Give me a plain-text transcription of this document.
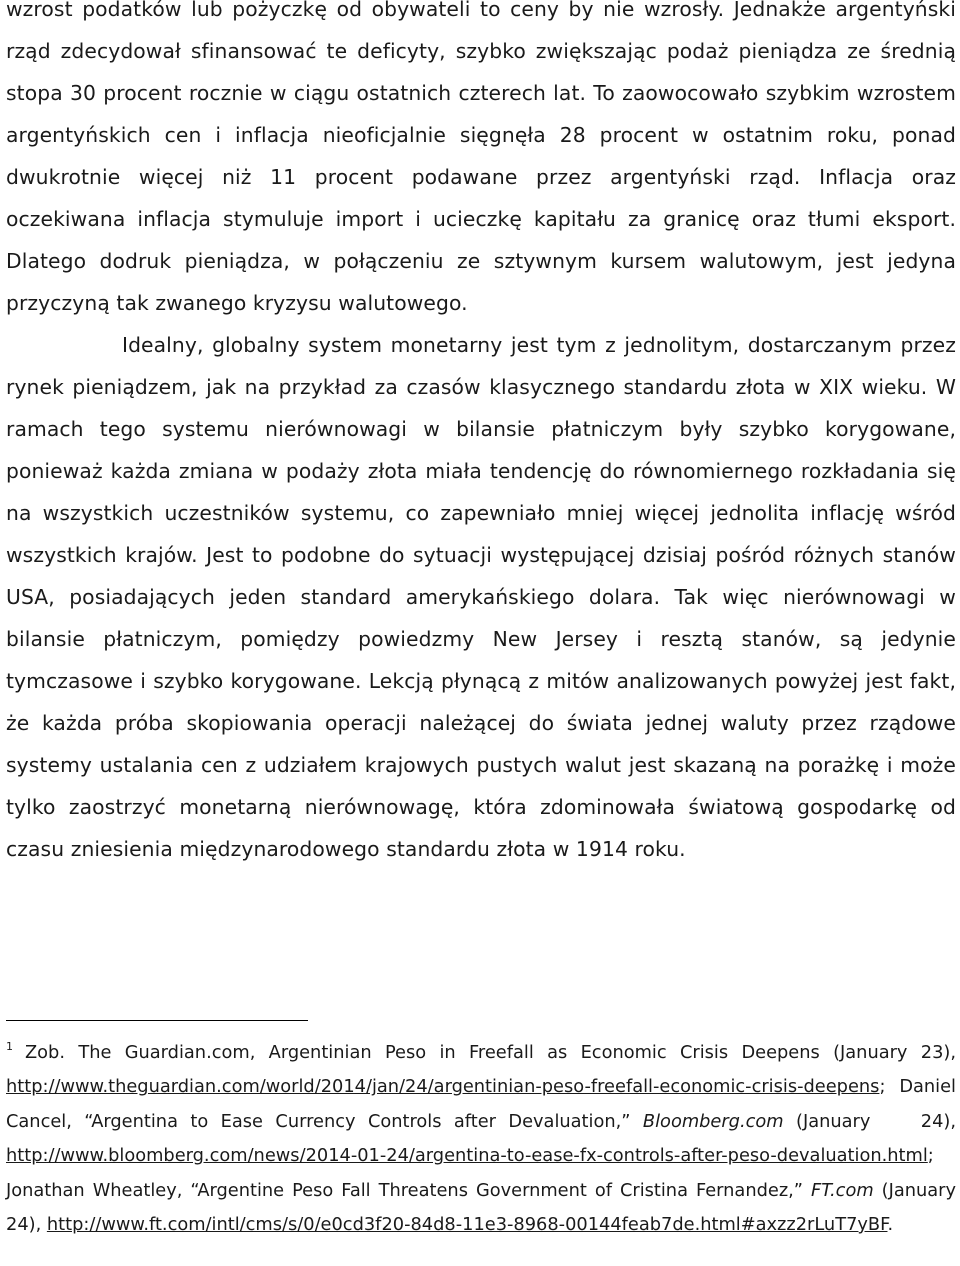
wzrost podatków lub pożyczkę od obywateli to ceny by nie wzrosły. Jednakże argentyński rząd zdecydował sfinansować te deficyty, szybko zwiększając podaż pieniądza ze średnią stopa 30 procent rocznie w ciągu ostatnich czterech lat. To zaowocowało szybkim wzrostem argentyńskich cen i inflacja nieoficjalnie sięgnęła 28 procent w ostatnim roku, ponad dwukrotnie więcej niż 11 procent podawane przez argentyński rząd. Inflacja oraz oczekiwana inflacja stymuluje import i ucieczkę kapitału za granicę oraz tłumi eksport. Dlatego dodruk pieniądza, w połączeniu ze sztywnym kursem walutowym, jest jedyna przyczyną tak zwanego kryzysu walutowego.

Idealny, globalny system monetarny jest tym z jednolitym, dostarczanym przez rynek pieniądzem, jak na przykład za czasów klasycznego standardu złota w XIX wieku. W ramach tego systemu nierównowagi w bilansie płatniczym były szybko korygowane, ponieważ każda zmiana w podaży złota miała tendencję do równomiernego rozkładania się na wszystkich uczestników systemu, co zapewniało mniej więcej jednolita inflację wśród wszystkich krajów. Jest to podobne do sytuacji występującej dzisiaj pośród różnych stanów USA, posiadających jeden standard amerykańskiego dolara. Tak więc nierównowagi w bilansie płatniczym, pomiędzy powiedzmy New Jersey i resztą stanów, są jedynie tymczasowe i szybko korygowane. Lekcją płynącą z mitów analizowanych powyżej jest fakt, że każda próba skopiowania operacji należącej do świata jednej waluty przez rządowe systemy ustalania cen z udziałem krajowych pustych walut jest skazaną na porażkę i może tylko zaostrzyć monetarną nierównowagę, która zdominowała światową gospodarkę od czasu zniesienia międzynarodowego standardu złota w 1914 roku.

$^1$ Zob. The Guardian.com, Argentinian Peso in Freefall as Economic Crisis Deepens (January 23), http://www.theguardian.com/world/2014/jan/24/argentinian-peso-freefall-economic-crisis-deepens; Daniel Cancel, “Argentina to Ease Currency Controls after Devaluation,” Bloomberg.com (January 24), http://www.bloomberg.com/news/2014-01-24/argentina-to-ease-fx-controls-after-peso-devaluation.html; Jonathan Wheatley, “Argentine Peso Fall Threatens Government of Cristina Fernandez,” FT.com (January 24), http://www.ft.com/intl/cms/s/0/e0cd3f20-84d8-11e3-8968-00144feab7de.html#axzz2rLuT7yBF.
